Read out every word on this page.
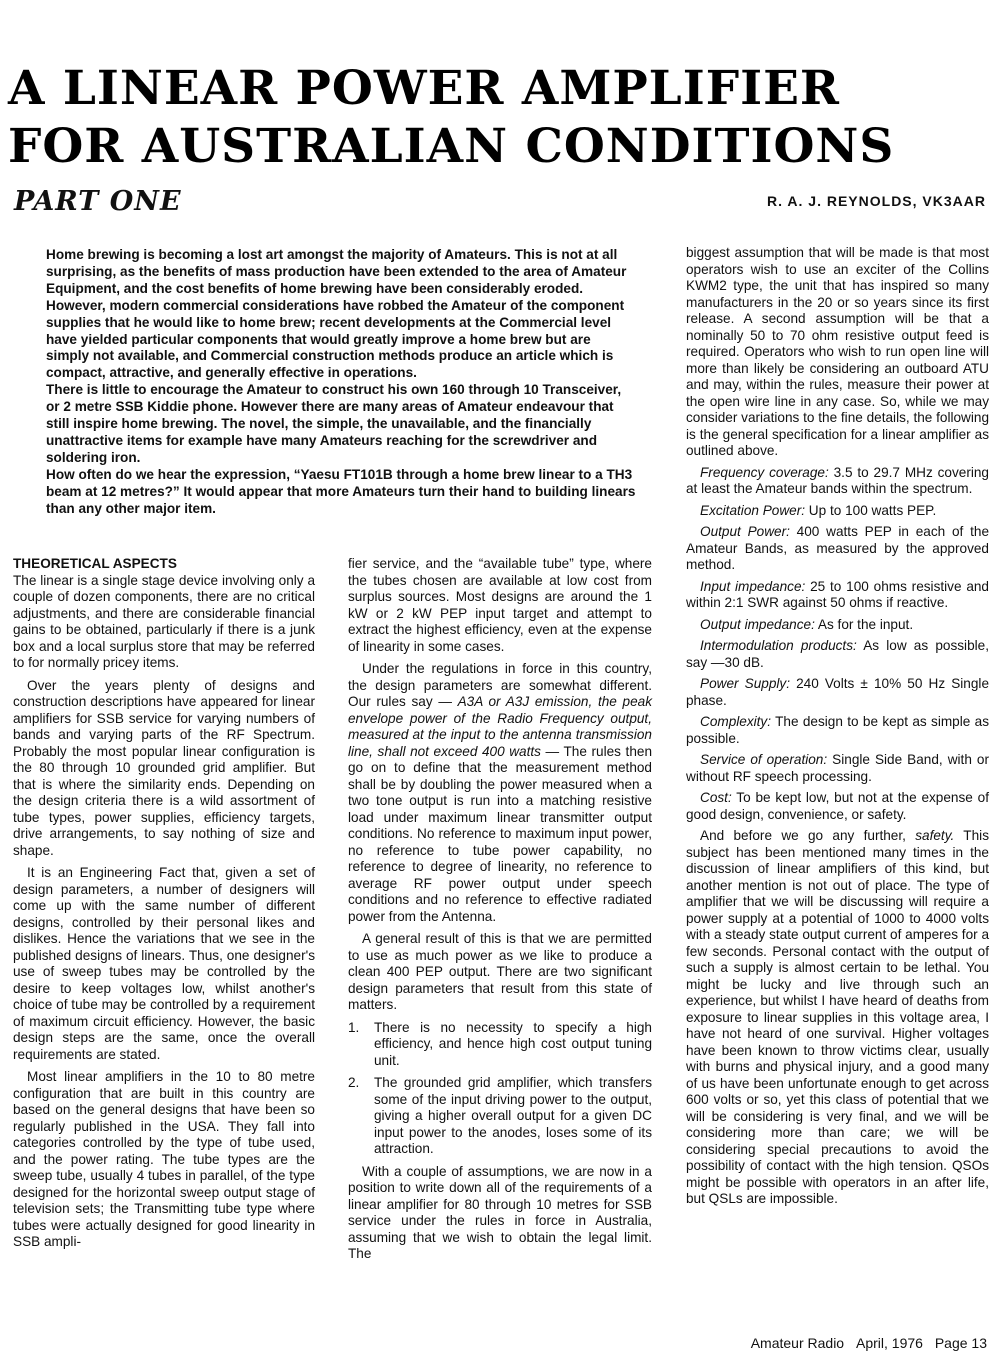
A LINEAR POWER AMPLIFIER
FOR AUSTRALIAN CONDITIONS
PART ONE	R. A. J. REYNOLDS, VK3AAR

Home brewing is becoming a lost art amongst the majority of Amateurs. This is not at all surprising, as the benefits of mass production have been extended to the area of Amateur Equipment, and the cost benefits of home brewing have been considerably eroded. However, modern commercial considerations have robbed the Amateur of the component supplies that he would like to home brew; recent developments at the Commercial level have yielded particular components that would greatly improve a home brew but are simply not available, and Commercial construction methods produce an article which is compact, attractive, and generally effective in operations.

There is little to encourage the Amateur to construct his own 160 through 10 Transceiver, or 2 metre SSB Kiddie phone. However there are many areas of Amateur endeavour that still inspire home brewing. The novel, the simple, the unavailable, and the financially unattractive items for example have many Amateurs reaching for the screwdriver and soldering iron.

How often do we hear the expression, “Yaesu FT101B through a home brew linear to a TH3 beam at 12 metres?” It would appear that more Amateurs turn their hand to building linears than any other major item.

THEORETICAL ASPECTS

The linear is a single stage device involving only a couple of dozen components, there are no critical adjustments, and there are considerable financial gains to be obtained, particularly if there is a junk box and a local surplus store that may be referred to for normally pricey items.

Over the years plenty of designs and construction descriptions have appeared for linear amplifiers for SSB service for varying numbers of bands and varying parts of the RF Spectrum. Probably the most popular linear configuration is the 80 through 10 grounded grid amplifier. But that is where the similarity ends. Depending on the design criteria there is a wild assortment of tube types, power supplies, efficiency targets, drive arrangements, to say nothing of size and shape.

It is an Engineering Fact that, given a set of design parameters, a number of designers will come up with the same number of different designs, controlled by their personal likes and dislikes. Hence the variations that we see in the published designs of linears. Thus, one designer's use of sweep tubes may be controlled by the desire to keep voltages low, whilst another's choice of tube may be controlled by a requirement of maximum circuit efficiency. However, the basic design steps are the same, once the overall requirements are stated.

Most linear amplifiers in the 10 to 80 metre configuration that are built in this country are based on the general designs that have been so regularly published in the USA. They fall into categories controlled by the type of tube used, and the power rating. The tube types are the sweep tube, usually 4 tubes in parallel, of the type designed for the horizontal sweep output stage of television sets; the Transmitting tube type where tubes were actually designed for good linearity in SSB ampli-

fier service, and the “available tube” type, where the tubes chosen are available at low cost from surplus sources. Most designs are around the 1 kW or 2 kW PEP input target and attempt to extract the highest efficiency, even at the expense of linearity in some cases.

Under the regulations in force in this country, the design parameters are somewhat different. Our rules say — A3A or A3J emission, the peak envelope power of the Radio Frequency output, measured at the input to the antenna transmission line, shall not exceed 400 watts — The rules then go on to define that the measurement method shall be by doubling the power measured when a two tone output is run into a matching resistive load under maximum linear transmitter output conditions. No reference to maximum input power, no reference to tube power capability, no reference to degree of linearity, no reference to average RF power output under speech conditions and no reference to effective radiated power from the Antenna.

A general result of this is that we are permitted to use as much power as we like to produce a clean 400 PEP output. There are two significant design parameters that result from this state of matters.

1.	There is no necessity to specify a high efficiency, and hence high cost output tuning unit.
2.	The grounded grid amplifier, which transfers some of the input driving power to the output, giving a higher overall output for a given DC input power to the anodes, loses some of its attraction.

With a couple of assumptions, we are now in a position to write down all of the requirements of a linear amplifier for 80 through 10 metres for SSB service under the rules in force in Australia, assuming that we wish to obtain the legal limit. The

biggest assumption that will be made is that most operators wish to use an exciter of the Collins KWM2 type, the unit that has inspired so many manufacturers in the 20 or so years since its first release. A second assumption will be that a nominally 50 to 70 ohm resistive output feed is required. Operators who wish to run open line will more than likely be considering an outboard ATU and may, within the rules, measure their power at the open wire line in any case. So, while we may consider variations to the fine details, the following is the general specification for a linear amplifier as outlined above.

Frequency coverage: 3.5 to 29.7 MHz covering at least the Amateur bands within the spectrum.

Excitation Power: Up to 100 watts PEP.

Output Power: 400 watts PEP in each of the Amateur Bands, as measured by the approved method.

Input impedance: 25 to 100 ohms resistive and within 2:1 SWR against 50 ohms if reactive.

Output impedance: As for the input.

Intermodulation products: As low as possible, say —30 dB.

Power Supply: 240 Volts ± 10% 50 Hz Single phase.

Complexity: The design to be kept as simple as possible.

Service of operation: Single Side Band, with or without RF speech processing.

Cost: To be kept low, but not at the expense of good design, convenience, or safety.

And before we go any further, safety. This subject has been mentioned many times in the discussion of linear amplifiers of this kind, but another mention is not out of place. The type of amplifier that we will be discussing will require a power supply at a potential of 1000 to 4000 volts with a steady state output current of amperes for a few seconds. Personal contact with the output of such a supply is almost certain to be lethal. You might be lucky and live through such an experience, but whilst I have heard of deaths from exposure to linear supplies in this voltage area, I have not heard of one survival. Higher voltages have been known to throw victims clear, usually with burns and physical injury, and a good many of us have been unfortunate enough to get across 600 volts or so, yet this class of potential that we will be considering is very final, and we will be considering more than care; we will be considering special precautions to avoid the possibility of contact with the high tension. QSOs might be possible with operators in an after life, but QSLs are impossible.

Amateur Radio April, 1976 Page 13
